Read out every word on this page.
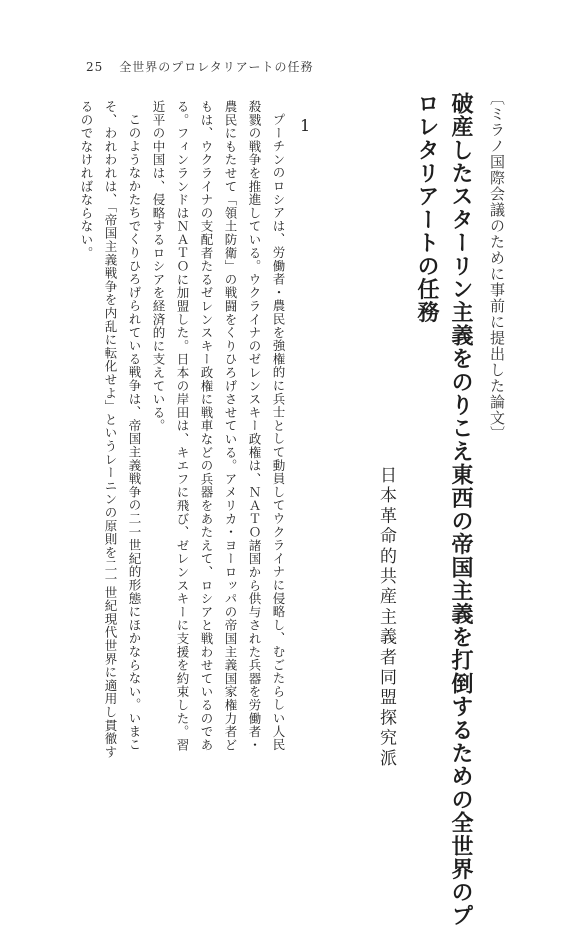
25 全世界のプロレタリアートの任務
〔ミラノ国際会議のために事前に提出した論文〕
破産したスターリン主義をのりこえ東西の帝国主義を打倒するための全世界のプ
ロレタリアートの任務
日本革命的共産主義者同盟探究派
1

プーチンのロシアは、労働者・農民を強権的に兵士として動員してウクライナに侵略し、むごたらしい人民殺戮の戦争を推進している。ウクライナのゼレンスキー政権は、ＮＡＴＯ諸国から供与された兵器を労働者・農民にもたせて「領土防衛」の戦闘をくりひろげさせている。アメリカ・ヨーロッパの帝国主義国家権力者どもは、ウクライナの支配者たるゼレンスキー政権に戦車などの兵器をあたえて、ロシアと戦わせているのである。フィンランドはＮＡＴＯに加盟した。日本の岸田は、キエフに飛び、ゼレンスキーに支援を約束した。習近平の中国は、侵略するロシアを経済的に支えている。

このようなかたちでくりひろげられている戦争は、帝国主義戦争の二一世紀的形態にほかならない。いまこそ、われわれは、「帝国主義戦争を内乱に転化せよ」というレーニンの原則を二一世紀現代世界に適用し貫徹するのでなければならない。
